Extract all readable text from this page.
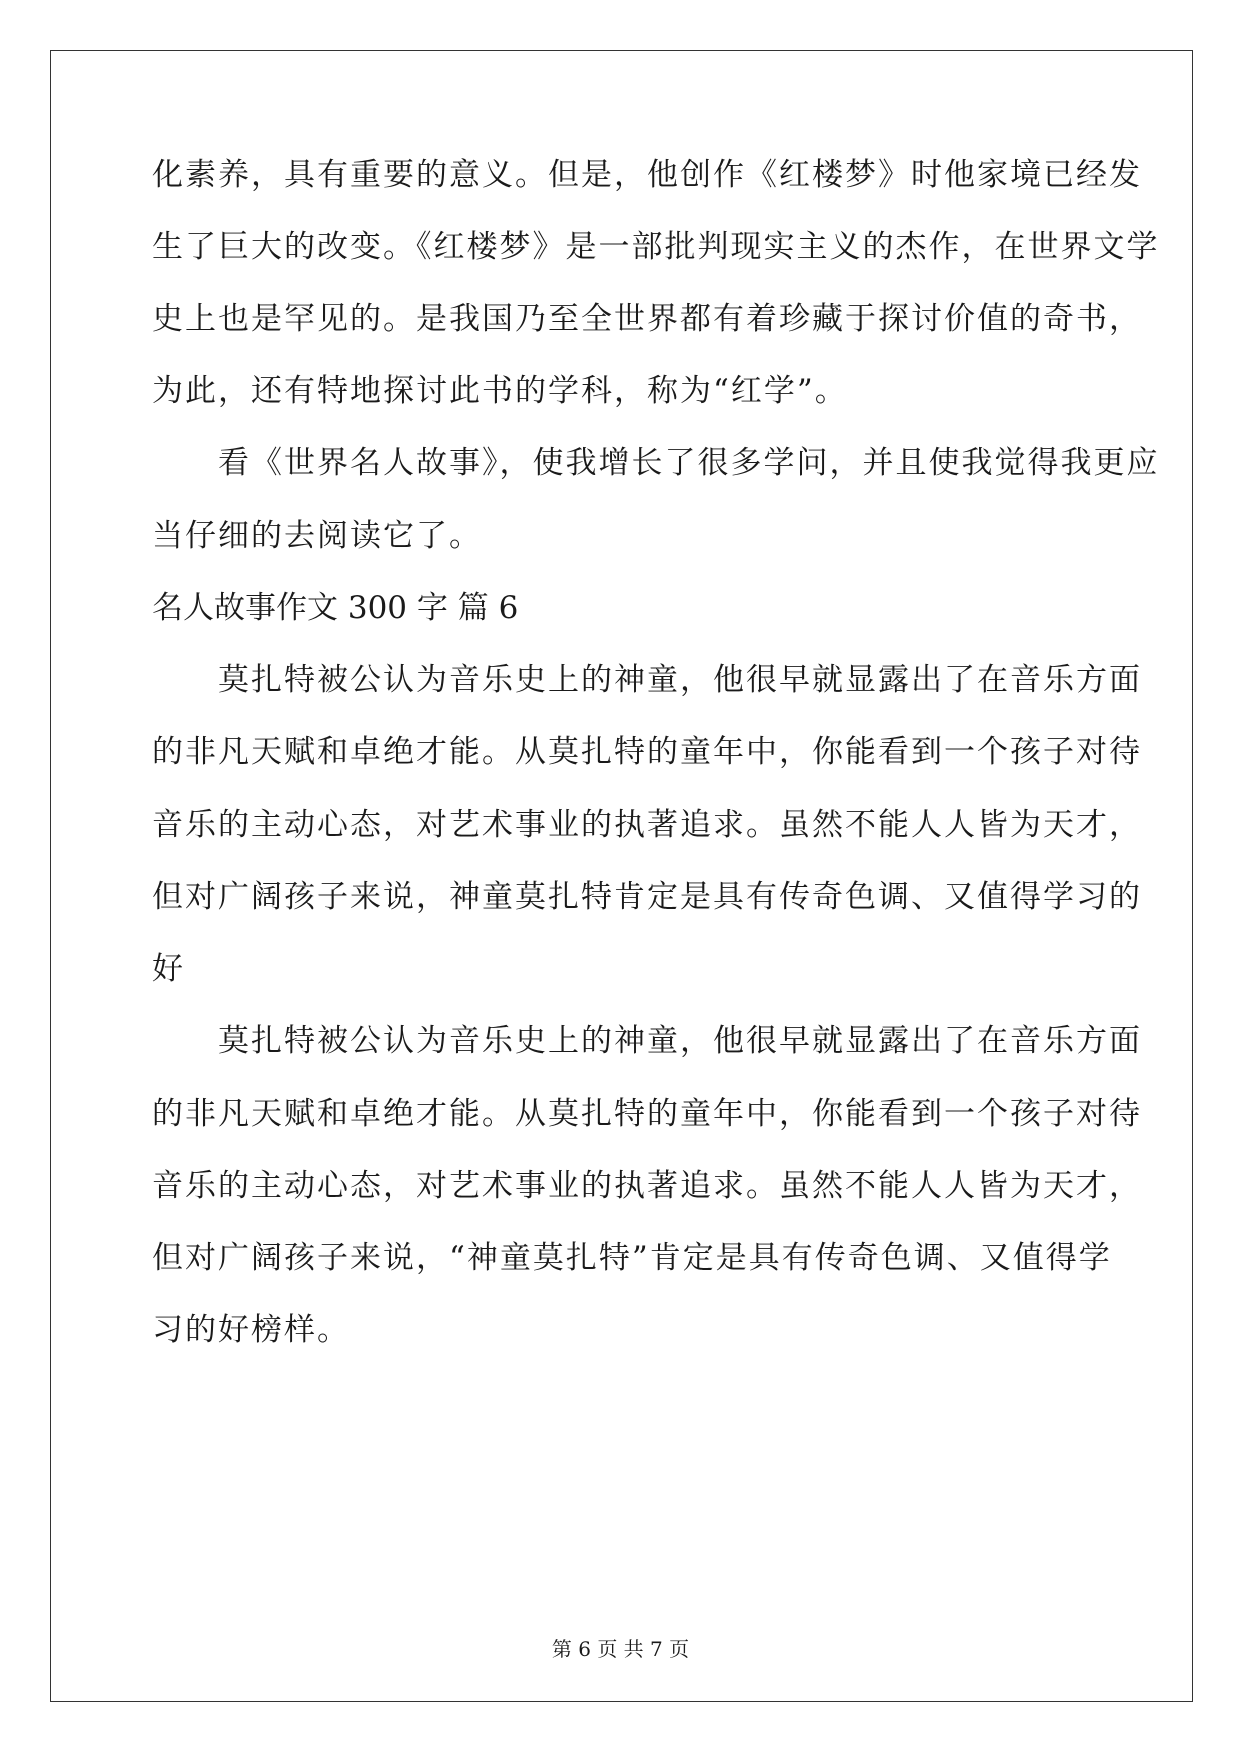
化素养，具有重要的意义。但是，他创作《红楼梦》时他家境已经发
生了巨大的改变。《红楼梦》是一部批判现实主义的杰作，在世界文学
史上也是罕见的。是我国乃至全世界都有着珍藏于探讨价值的奇书，
为此，还有特地探讨此书的学科，称为“红学”。
　　看《世界名人故事》，使我增长了很多学问，并且使我觉得我更应
当仔细的去阅读它了。
名人故事作文 300 字 篇 6
　　莫扎特被公认为音乐史上的神童，他很早就显露出了在音乐方面
的非凡天赋和卓绝才能。从莫扎特的童年中，你能看到一个孩子对待
音乐的主动心态，对艺术事业的执著追求。虽然不能人人皆为天才，
但对广阔孩子来说，神童莫扎特肯定是具有传奇色调、又值得学习的
好
　　莫扎特被公认为音乐史上的神童，他很早就显露出了在音乐方面
的非凡天赋和卓绝才能。从莫扎特的童年中，你能看到一个孩子对待
音乐的主动心态，对艺术事业的执著追求。虽然不能人人皆为天才，
但对广阔孩子来说，“神童莫扎特”肯定是具有传奇色调、又值得学
习的好榜样。
第 6 页 共 7 页
